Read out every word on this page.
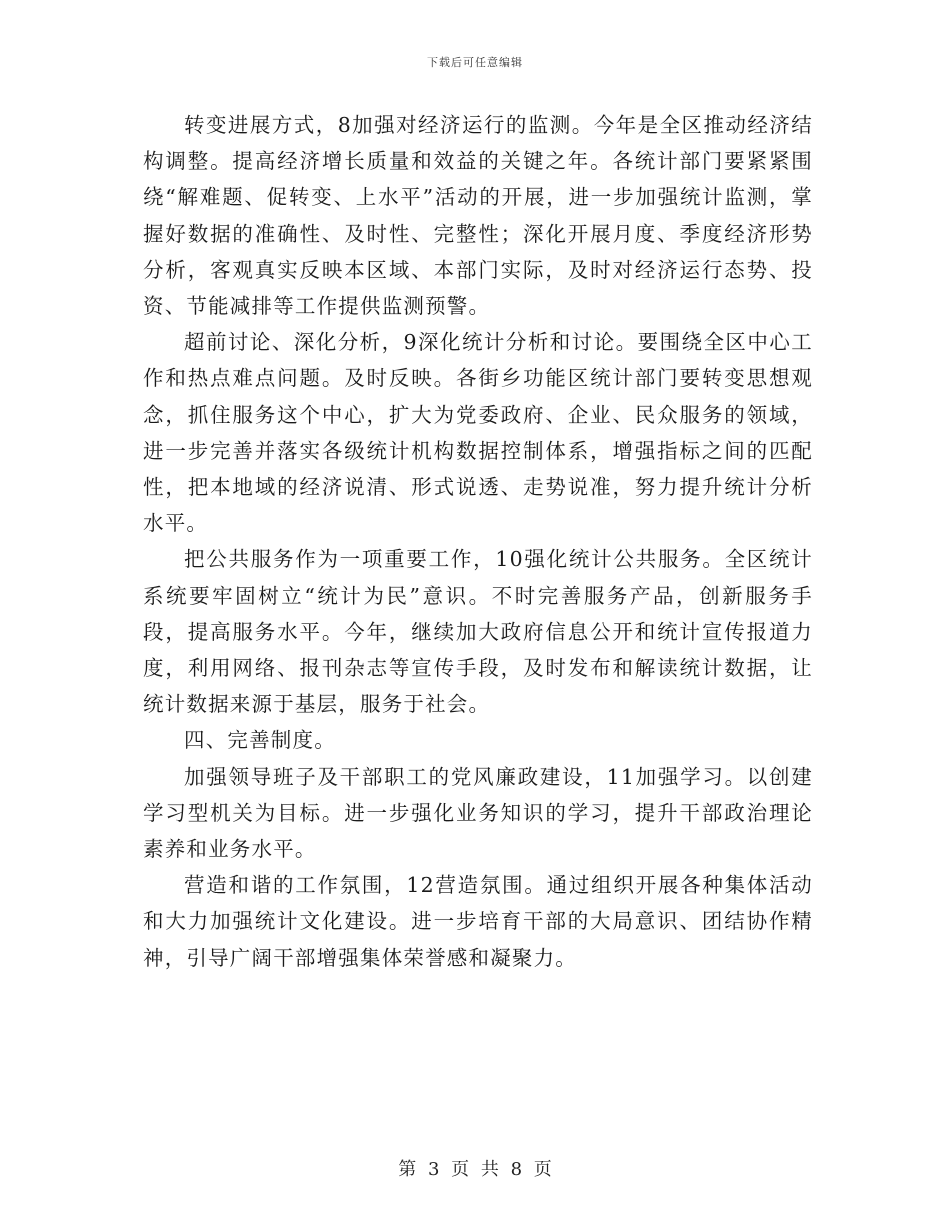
下载后可任意编辑

转变进展方式，8加强对经济运行的监测。今年是全区推动经济结构调整。提高经济增长质量和效益的关键之年。各统计部门要紧紧围绕“解难题、促转变、上水平”活动的开展，进一步加强统计监测，掌握好数据的准确性、及时性、完整性；深化开展月度、季度经济形势分析，客观真实反映本区域、本部门实际，及时对经济运行态势、投资、节能减排等工作提供监测预警。

超前讨论、深化分析，9深化统计分析和讨论。要围绕全区中心工作和热点难点问题。及时反映。各街乡功能区统计部门要转变思想观念，抓住服务这个中心，扩大为党委政府、企业、民众服务的领域，进一步完善并落实各级统计机构数据控制体系，增强指标之间的匹配性，把本地域的经济说清、形式说透、走势说准，努力提升统计分析水平。

把公共服务作为一项重要工作，10强化统计公共服务。全区统计系统要牢固树立“统计为民”意识。不时完善服务产品，创新服务手段，提高服务水平。今年，继续加大政府信息公开和统计宣传报道力度，利用网络、报刊杂志等宣传手段，及时发布和解读统计数据，让统计数据来源于基层，服务于社会。

四、完善制度。

加强领导班子及干部职工的党风廉政建设，11加强学习。以创建学习型机关为目标。进一步强化业务知识的学习，提升干部政治理论素养和业务水平。

营造和谐的工作氛围，12营造氛围。通过组织开展各种集体活动和大力加强统计文化建设。进一步培育干部的大局意识、团结协作精神，引导广阔干部增强集体荣誉感和凝聚力。

第 3 页 共 8 页
